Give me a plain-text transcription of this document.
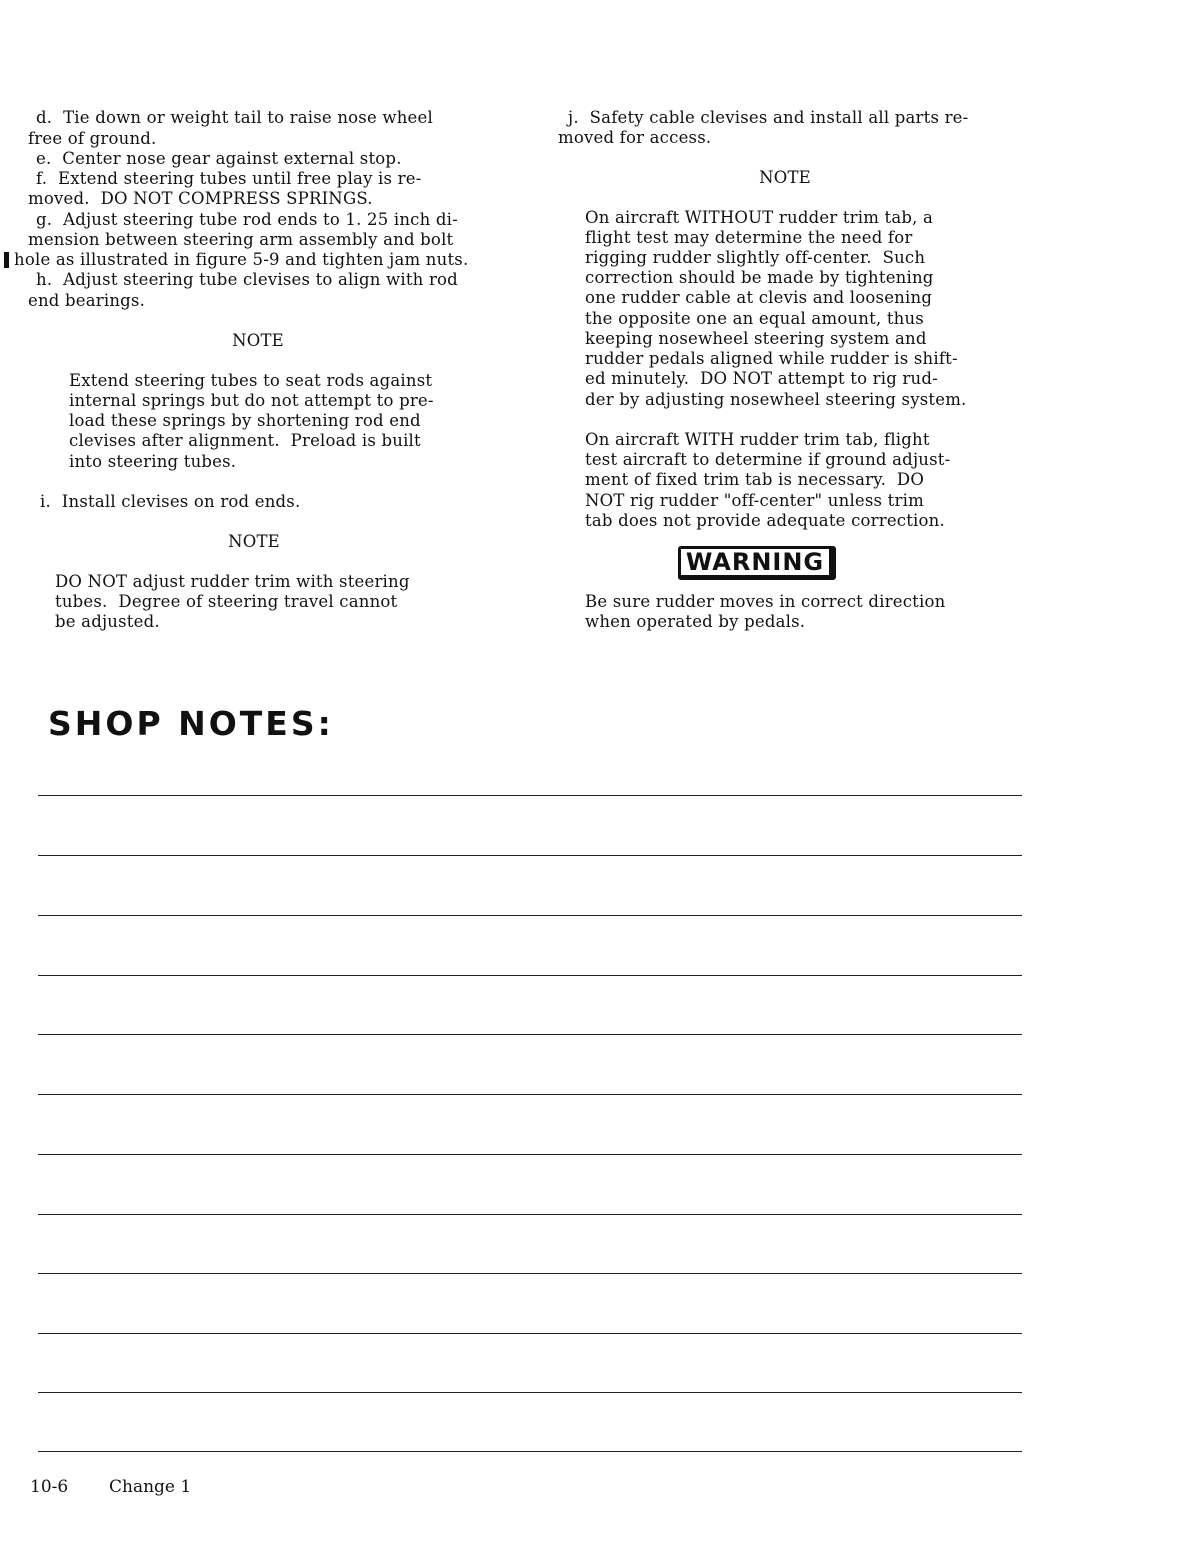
d.  Tie down or weight tail to raise nose wheel
free of ground.
e.  Center nose gear against external stop.
f.  Extend steering tubes until free play is re-
moved.  DO NOT COMPRESS SPRINGS.
g.  Adjust steering tube rod ends to 1. 25 inch di-
mension between steering arm assembly and bolt
hole as illustrated in figure 5-9 and tighten jam nuts.
h.  Adjust steering tube clevises to align with rod
end bearings.
NOTE
Extend steering tubes to seat rods against
internal springs but do not attempt to pre-
load these springs by shortening rod end
clevises after alignment.  Preload is built
into steering tubes.
i.  Install clevises on rod ends.
NOTE
DO NOT adjust rudder trim with steering
tubes.  Degree of steering travel cannot
be adjusted.
j.  Safety cable clevises and install all parts re-
moved for access.
NOTE
On aircraft WITHOUT rudder trim tab, a
flight test may determine the need for
rigging rudder slightly off-center.  Such
correction should be made by tightening
one rudder cable at clevis and loosening
the opposite one an equal amount, thus
keeping nosewheel steering system and
rudder pedals aligned while rudder is shift-
ed minutely.  DO NOT attempt to rig rud-
der by adjusting nosewheel steering system.
On aircraft WITH rudder trim tab, flight
test aircraft to determine if ground adjust-
ment of fixed trim tab is necessary.  DO
NOT rig rudder "off-center" unless trim
tab does not provide adequate correction.
WARNING
Be sure rudder moves in correct direction
when operated by pedals.
SHOP NOTES:
10-6 Change 1
